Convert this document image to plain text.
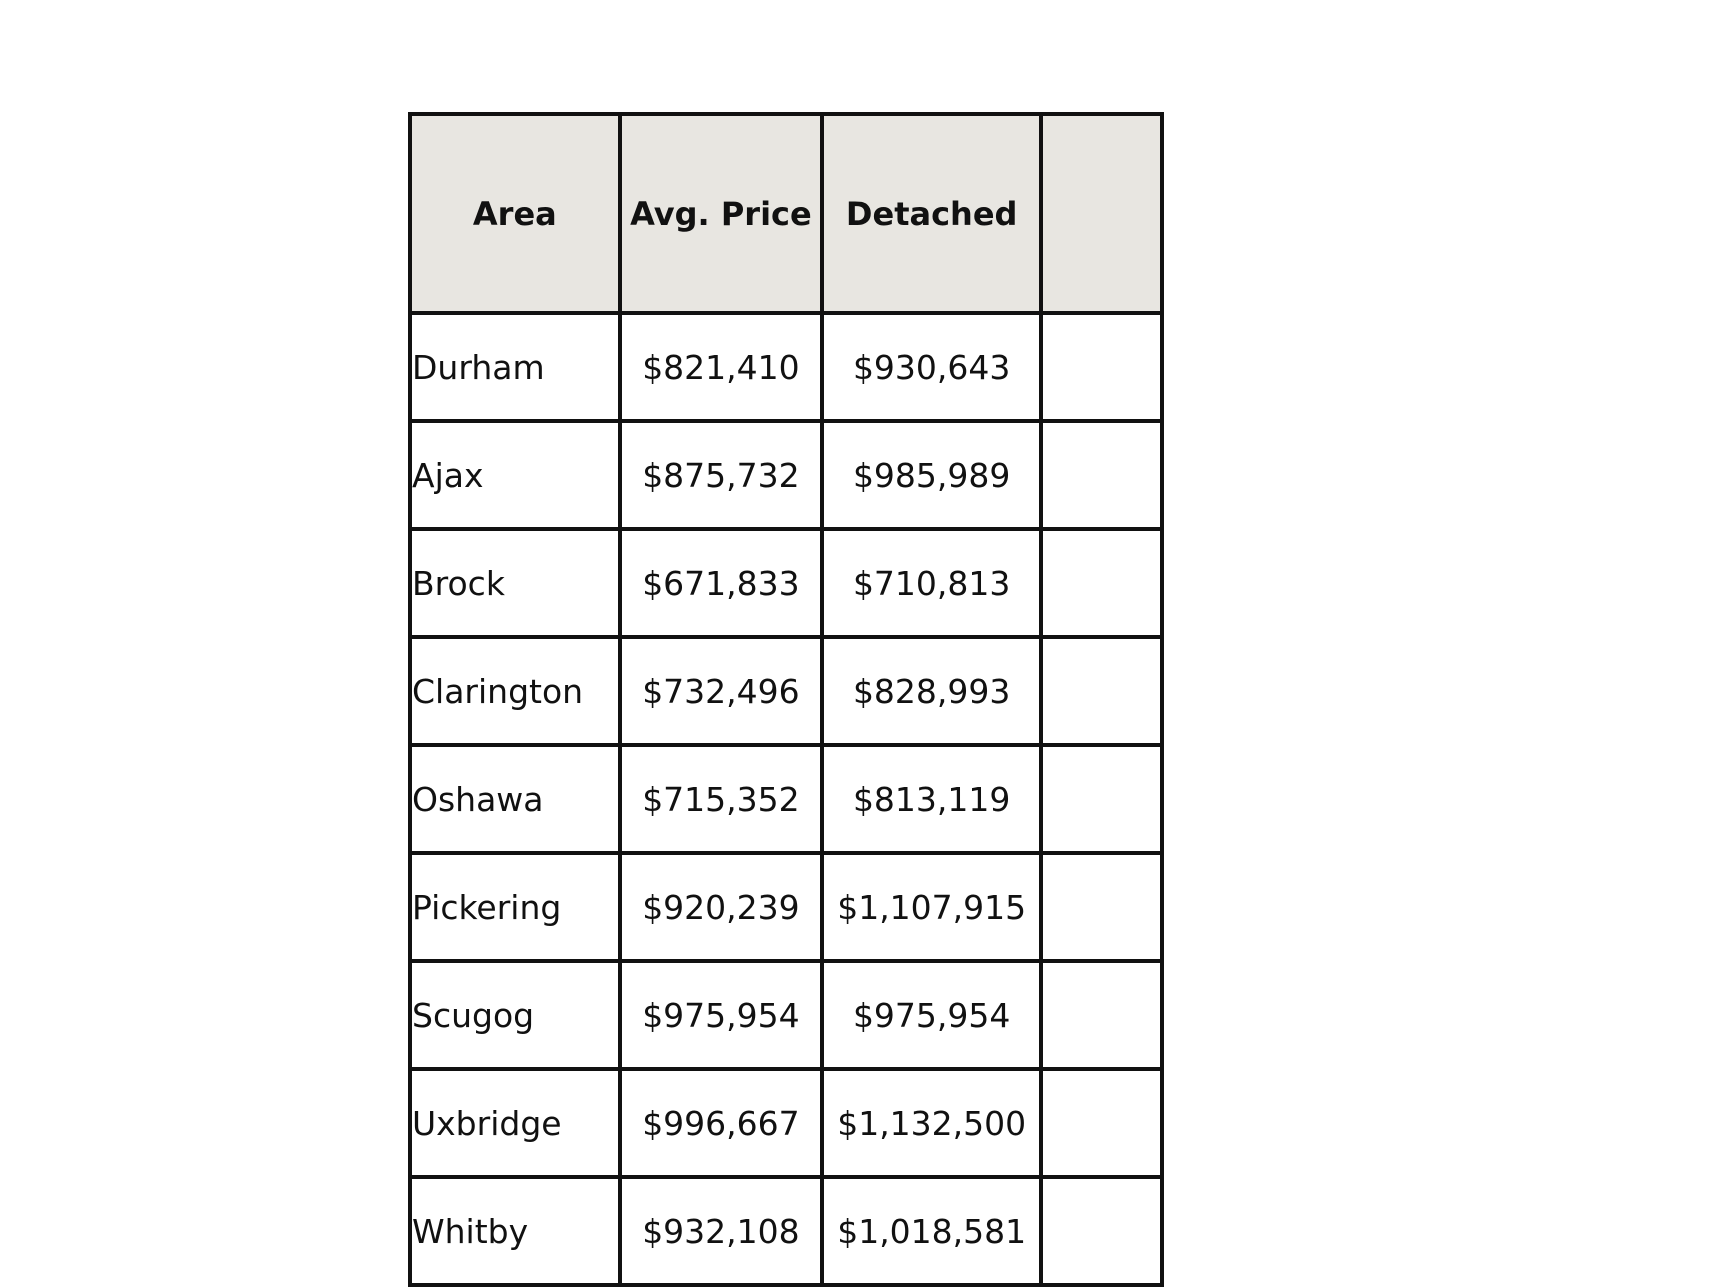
Area	Avg. Price	Detached	
Durham	$821,410	$930,643	
Ajax	$875,732	$985,989	
Brock	$671,833	$710,813	
Clarington	$732,496	$828,993	
Oshawa	$715,352	$813,119	
Pickering	$920,239	$1,107,915	
Scugog	$975,954	$975,954	
Uxbridge	$996,667	$1,132,500	
Whitby	$932,108	$1,018,581	
